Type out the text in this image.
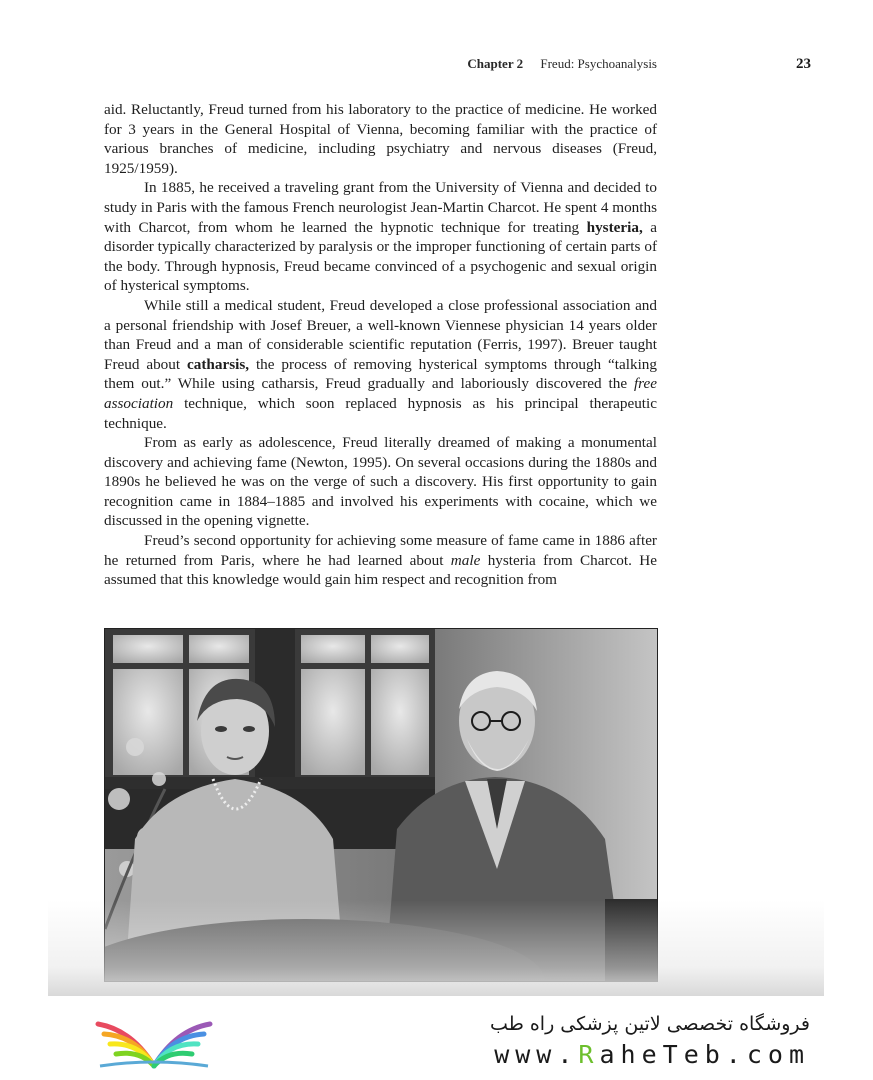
Chapter 2 Freud: Psychoanalysis	23

aid. Reluctantly, Freud turned from his laboratory to the practice of medicine. He worked for 3 years in the General Hospital of Vienna, becoming familiar with the practice of various branches of medicine, including psychiatry and nervous diseases (Freud, 1925/1959).

In 1885, he received a traveling grant from the University of Vienna and decided to study in Paris with the famous French neurologist Jean-Martin Charcot. He spent 4 months with Charcot, from whom he learned the hypnotic technique for treating hysteria, a disorder typically characterized by paralysis or the improper functioning of certain parts of the body. Through hypnosis, Freud became convinced of a psychogenic and sexual origin of hysterical symptoms.

While still a medical student, Freud developed a close professional association and a personal friendship with Josef Breuer, a well-known Viennese physician 14 years older than Freud and a man of considerable scientific reputation (Ferris, 1997). Breuer taught Freud about catharsis, the process of removing hysterical symptoms through “talking them out.” While using catharsis, Freud gradually and laboriously discovered the free association technique, which soon replaced hypnosis as his principal therapeutic technique.

From as early as adolescence, Freud literally dreamed of making a monumental discovery and achieving fame (Newton, 1995). On several occasions during the 1880s and 1890s he believed he was on the verge of such a discovery. His first opportunity to gain recognition came in 1884–1885 and involved his experiments with cocaine, which we discussed in the opening vignette.

Freud’s second opportunity for achieving some measure of fame came in 1886 after he returned from Paris, where he had learned about male hysteria from Charcot. He assumed that this knowledge would gain him respect and recognition from

فروشگاه تخصصی لاتین پزشکی راه طب
www.RaheTeb.com
